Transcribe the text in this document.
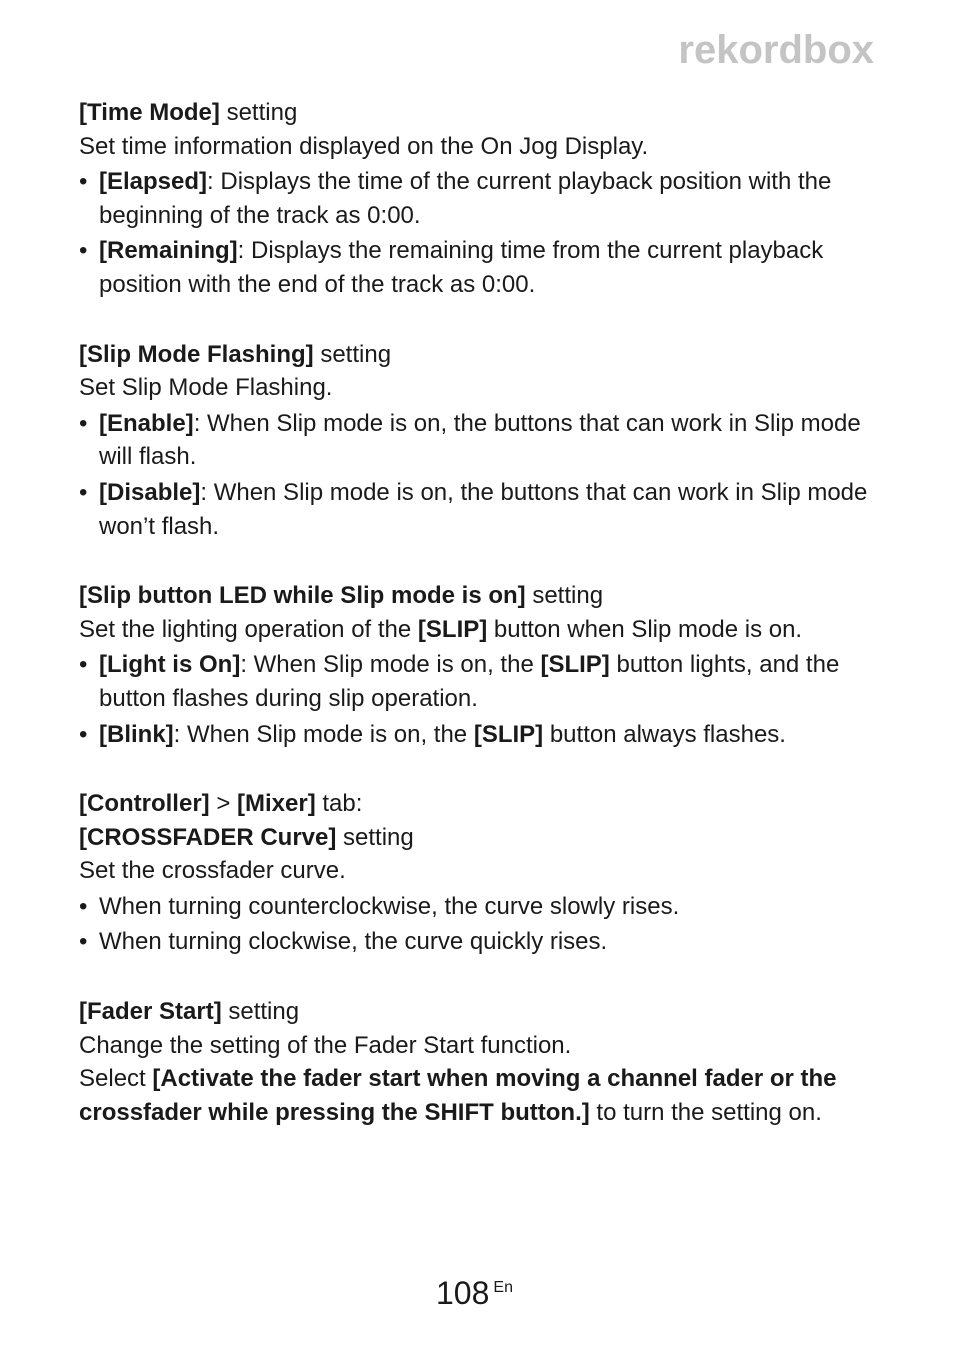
rekordbox

[Time Mode] setting

Set time information displayed on the On Jog Display.

• [Elapsed]: Displays the time of the current playback position with the beginning of the track as 0:00.
• [Remaining]: Displays the remaining time from the current playback position with the end of the track as 0:00.

[Slip Mode Flashing] setting

Set Slip Mode Flashing.

• [Enable]: When Slip mode is on, the buttons that can work in Slip mode will flash.
• [Disable]: When Slip mode is on, the buttons that can work in Slip mode won’t flash.

[Slip button LED while Slip mode is on] setting

Set the lighting operation of the [SLIP] button when Slip mode is on.

• [Light is On]: When Slip mode is on, the [SLIP] button lights, and the button flashes during slip operation.
• [Blink]: When Slip mode is on, the [SLIP] button always flashes.

[Controller] > [Mixer] tab:

[CROSSFADER Curve] setting

Set the crossfader curve.

• When turning counterclockwise, the curve slowly rises.
• When turning clockwise, the curve quickly rises.

[Fader Start] setting

Change the setting of the Fader Start function.

Select [Activate the fader start when moving a channel fader or the crossfader while pressing the SHIFT button.] to turn the setting on.

108 $^{En}$
